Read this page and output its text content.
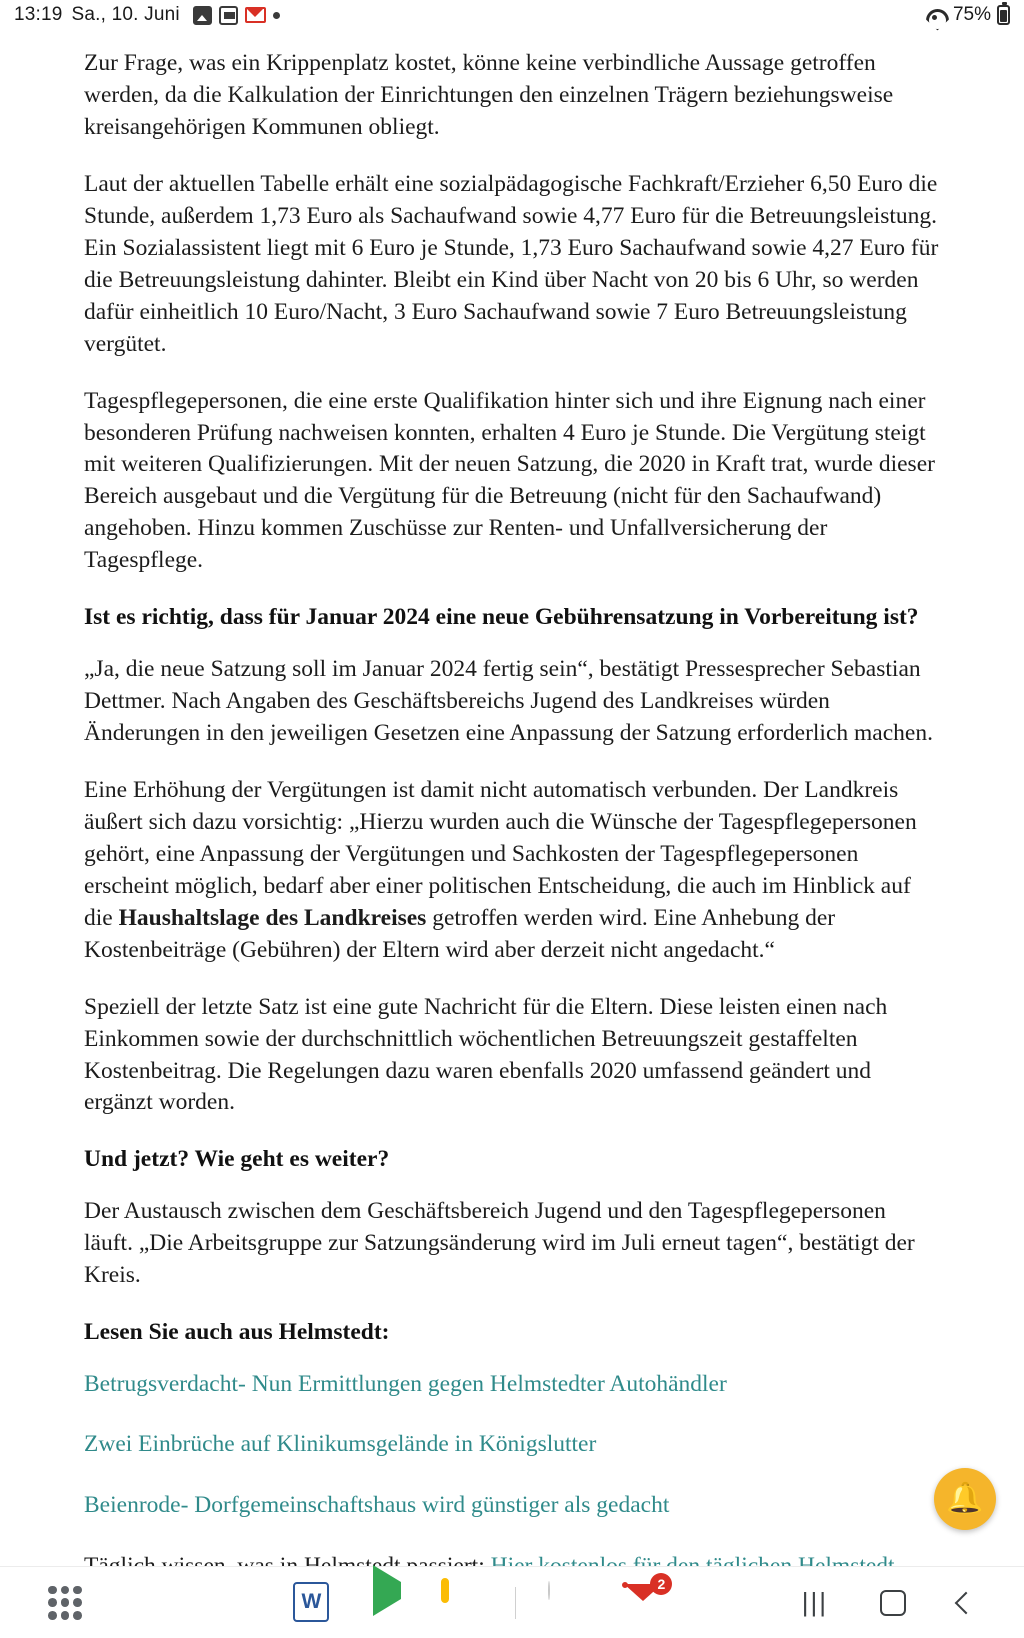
13:19 Sa., 10. Juni	75%

Zur Frage, was ein Krippenplatz kostet, könne keine verbindliche Aussage getroffen werden, da die Kalkulation der Einrichtungen den einzelnen Trägern beziehungsweise kreisangehörigen Kommunen obliegt.

Laut der aktuellen Tabelle erhält eine sozialpädagogische Fachkraft/Erzieher 6,50 Euro die Stunde, außerdem 1,73 Euro als Sachaufwand sowie 4,77 Euro für die Betreuungsleistung. Ein Sozialassistent liegt mit 6 Euro je Stunde, 1,73 Euro Sachaufwand sowie 4,27 Euro für die Betreuungsleistung dahinter. Bleibt ein Kind über Nacht von 20 bis 6 Uhr, so werden dafür einheitlich 10 Euro/Nacht, 3 Euro Sachaufwand sowie 7 Euro Betreuungsleistung vergütet.

Tagespflegepersonen, die eine erste Qualifikation hinter sich und ihre Eignung nach einer besonderen Prüfung nachweisen konnten, erhalten 4 Euro je Stunde. Die Vergütung steigt mit weiteren Qualifizierungen. Mit der neuen Satzung, die 2020 in Kraft trat, wurde dieser Bereich ausgebaut und die Vergütung für die Betreuung (nicht für den Sachaufwand) angehoben. Hinzu kommen Zuschüsse zur Renten- und Unfallversicherung der Tagespflege.

Ist es richtig, dass für Januar 2024 eine neue Gebührensatzung in Vorbereitung ist?

„Ja, die neue Satzung soll im Januar 2024 fertig sein“, bestätigt Pressesprecher Sebastian Dettmer. Nach Angaben des Geschäftsbereichs Jugend des Landkreises würden Änderungen in den jeweiligen Gesetzen eine Anpassung der Satzung erforderlich machen.

Eine Erhöhung der Vergütungen ist damit nicht automatisch verbunden. Der Landkreis äußert sich dazu vorsichtig: „Hierzu wurden auch die Wünsche der Tagespflegepersonen gehört, eine Anpassung der Vergütungen und Sachkosten der Tagespflegepersonen erscheint möglich, bedarf aber einer politischen Entscheidung, die auch im Hinblick auf die Haushaltslage des Landkreises getroffen werden wird. Eine Anhebung der Kostenbeiträge (Gebühren) der Eltern wird aber derzeit nicht angedacht.“

Speziell der letzte Satz ist eine gute Nachricht für die Eltern. Diese leisten einen nach Einkommen sowie der durchschnittlich wöchentlichen Betreuungszeit gestaffelten Kostenbeitrag. Die Regelungen dazu waren ebenfalls 2020 umfassend geändert und ergänzt worden.

Und jetzt? Wie geht es weiter?

Der Austausch zwischen dem Geschäftsbereich Jugend und den Tagespflegepersonen läuft. „Die Arbeitsgruppe zur Satzungsänderung wird im Juli erneut tagen“, bestätigt der Kreis.

Lesen Sie auch aus Helmstedt:
Betrugsverdacht- Nun Ermittlungen gegen Helmstedter Autohändler
Zwei Einbrüche auf Klinikumsgelände in Königslutter
Beienrode- Dorfgemeinschaftshaus wird günstiger als gedacht	🔔
W
2
|||
